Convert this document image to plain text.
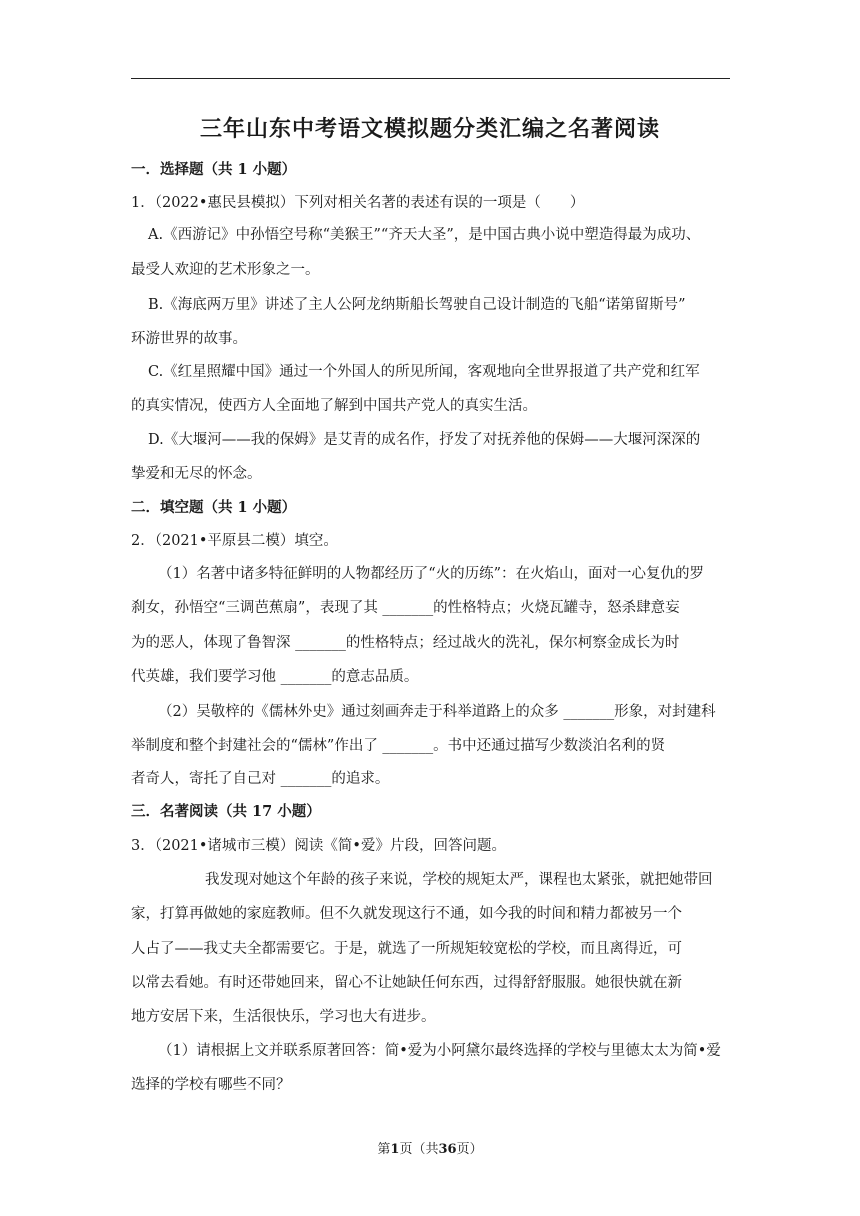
三年山东中考语文模拟题分类汇编之名著阅读
一．选择题（共 1 小题）
1．（2022•惠民县模拟）下列对相关名著的表述有误的一项是（　　）
A.《西游记》中孙悟空号称“美猴王”“齐天大圣”，是中国古典小说中塑造得最为成功、
最受人欢迎的艺术形象之一。
B.《海底两万里》讲述了主人公阿龙纳斯船长驾驶自己设计制造的飞船“诺第留斯号”
环游世界的故事。
C.《红星照耀中国》通过一个外国人的所见所闻，客观地向全世界报道了共产党和红军
的真实情况，使西方人全面地了解到中国共产党人的真实生活。
D.《大堰河——我的保姆》是艾青的成名作，抒发了对抚养他的保姆——大堰河深深的
挚爱和无尽的怀念。
二．填空题（共 1 小题）
2．（2021•平原县二模）填空。
（1）名著中诸多特征鲜明的人物都经历了“火的历练”：在火焰山，面对一心复仇的罗
刹女，孙悟空“三调芭蕉扇”，表现了其 _______的性格特点；火烧瓦罐寺，怒杀肆意妄
为的恶人，体现了鲁智深 _______的性格特点；经过战火的洗礼，保尔柯察金成长为时
代英雄，我们要学习他 _______的意志品质。
（2）吴敬梓的《儒林外史》通过刻画奔走于科举道路上的众多 _______形象，对封建科
举制度和整个封建社会的“儒林”作出了 _______。书中还通过描写少数淡泊名利的贤
者奇人，寄托了自己对 _______的追求。
三．名著阅读（共 17 小题）
3．（2021•诸城市三模）阅读《简•爱》片段，回答问题。
我发现对她这个年龄的孩子来说，学校的规矩太严，课程也太紧张，就把她带回
家，打算再做她的家庭教师。但不久就发现这行不通，如今我的时间和精力都被另一个
人占了——我丈夫全都需要它。于是，就选了一所规矩较宽松的学校，而且离得近，可
以常去看她。有时还带她回来，留心不让她缺任何东西，过得舒舒服服。她很快就在新
地方安居下来，生活很快乐，学习也大有进步。
（1）请根据上文并联系原著回答：简•爱为小阿黛尔最终选择的学校与里德太太为简•爱
选择的学校有哪些不同？
第1页（共36页）
